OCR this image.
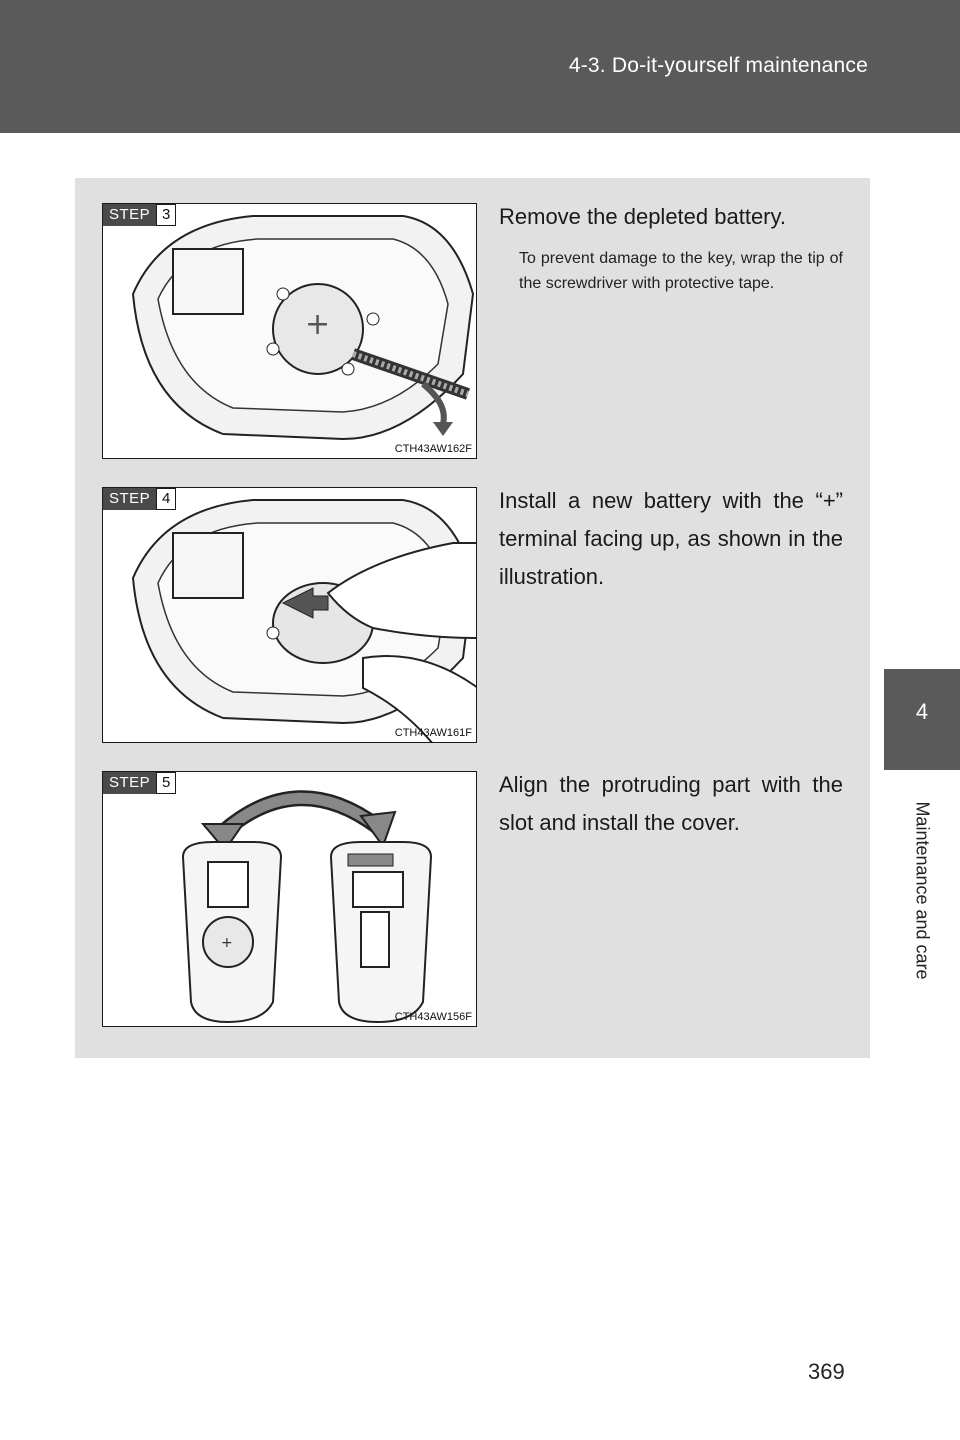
4-3. Do-it-yourself maintenance
4
Maintenance and care
+
STEP 3
CTH43AW162F

Remove the depleted battery.

To prevent damage to the key, wrap the tip of the screwdriver with protective tape.

STEP 4
CTH43AW161F

Install a new battery with the “+” terminal facing up, as shown in the illustration.

+
STEP 5
CTH43AW156F

Align the protruding part with the slot and install the cover.

369
